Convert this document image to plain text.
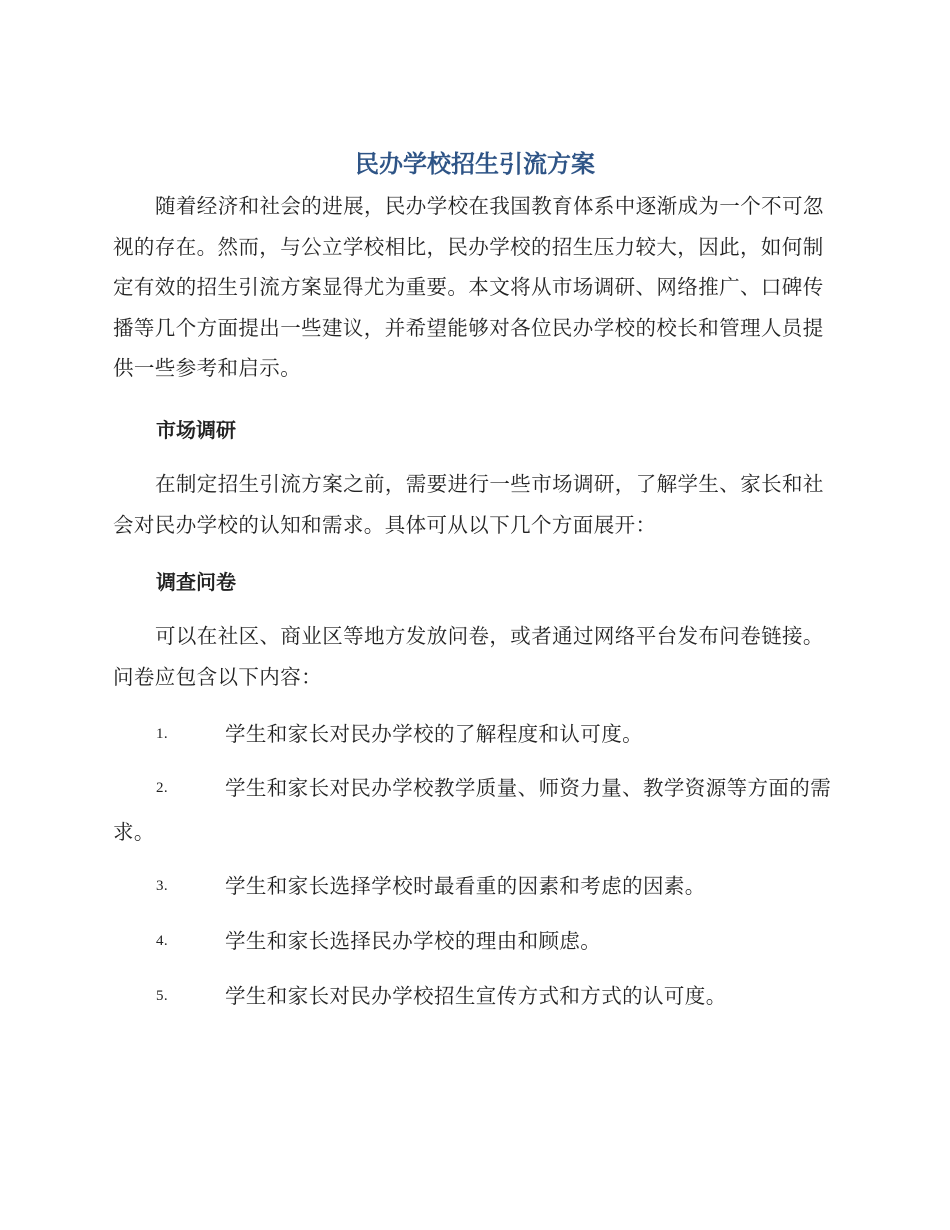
民办学校招生引流方案
随着经济和社会的进展，民办学校在我国教育体系中逐渐成为一个不可忽视的存在。然而，与公立学校相比，民办学校的招生压力较大，因此，如何制定有效的招生引流方案显得尤为重要。本文将从市场调研、网络推广、口碑传播等几个方面提出一些建议，并希望能够对各位民办学校的校长和管理人员提供一些参考和启示。
市场调研
在制定招生引流方案之前，需要进行一些市场调研，了解学生、家长和社会对民办学校的认知和需求。具体可从以下几个方面展开：
调查问卷
可以在社区、商业区等地方发放问卷，或者通过网络平台发布问卷链接。问卷应包含以下内容：
1.	学生和家长对民办学校的了解程度和认可度。
2.	学生和家长对民办学校教学质量、师资力量、教学资源等方面的需求。
3.	学生和家长选择学校时最看重的因素和考虑的因素。
4.	学生和家长选择民办学校的理由和顾虑。
5.	学生和家长对民办学校招生宣传方式和方式的认可度。
